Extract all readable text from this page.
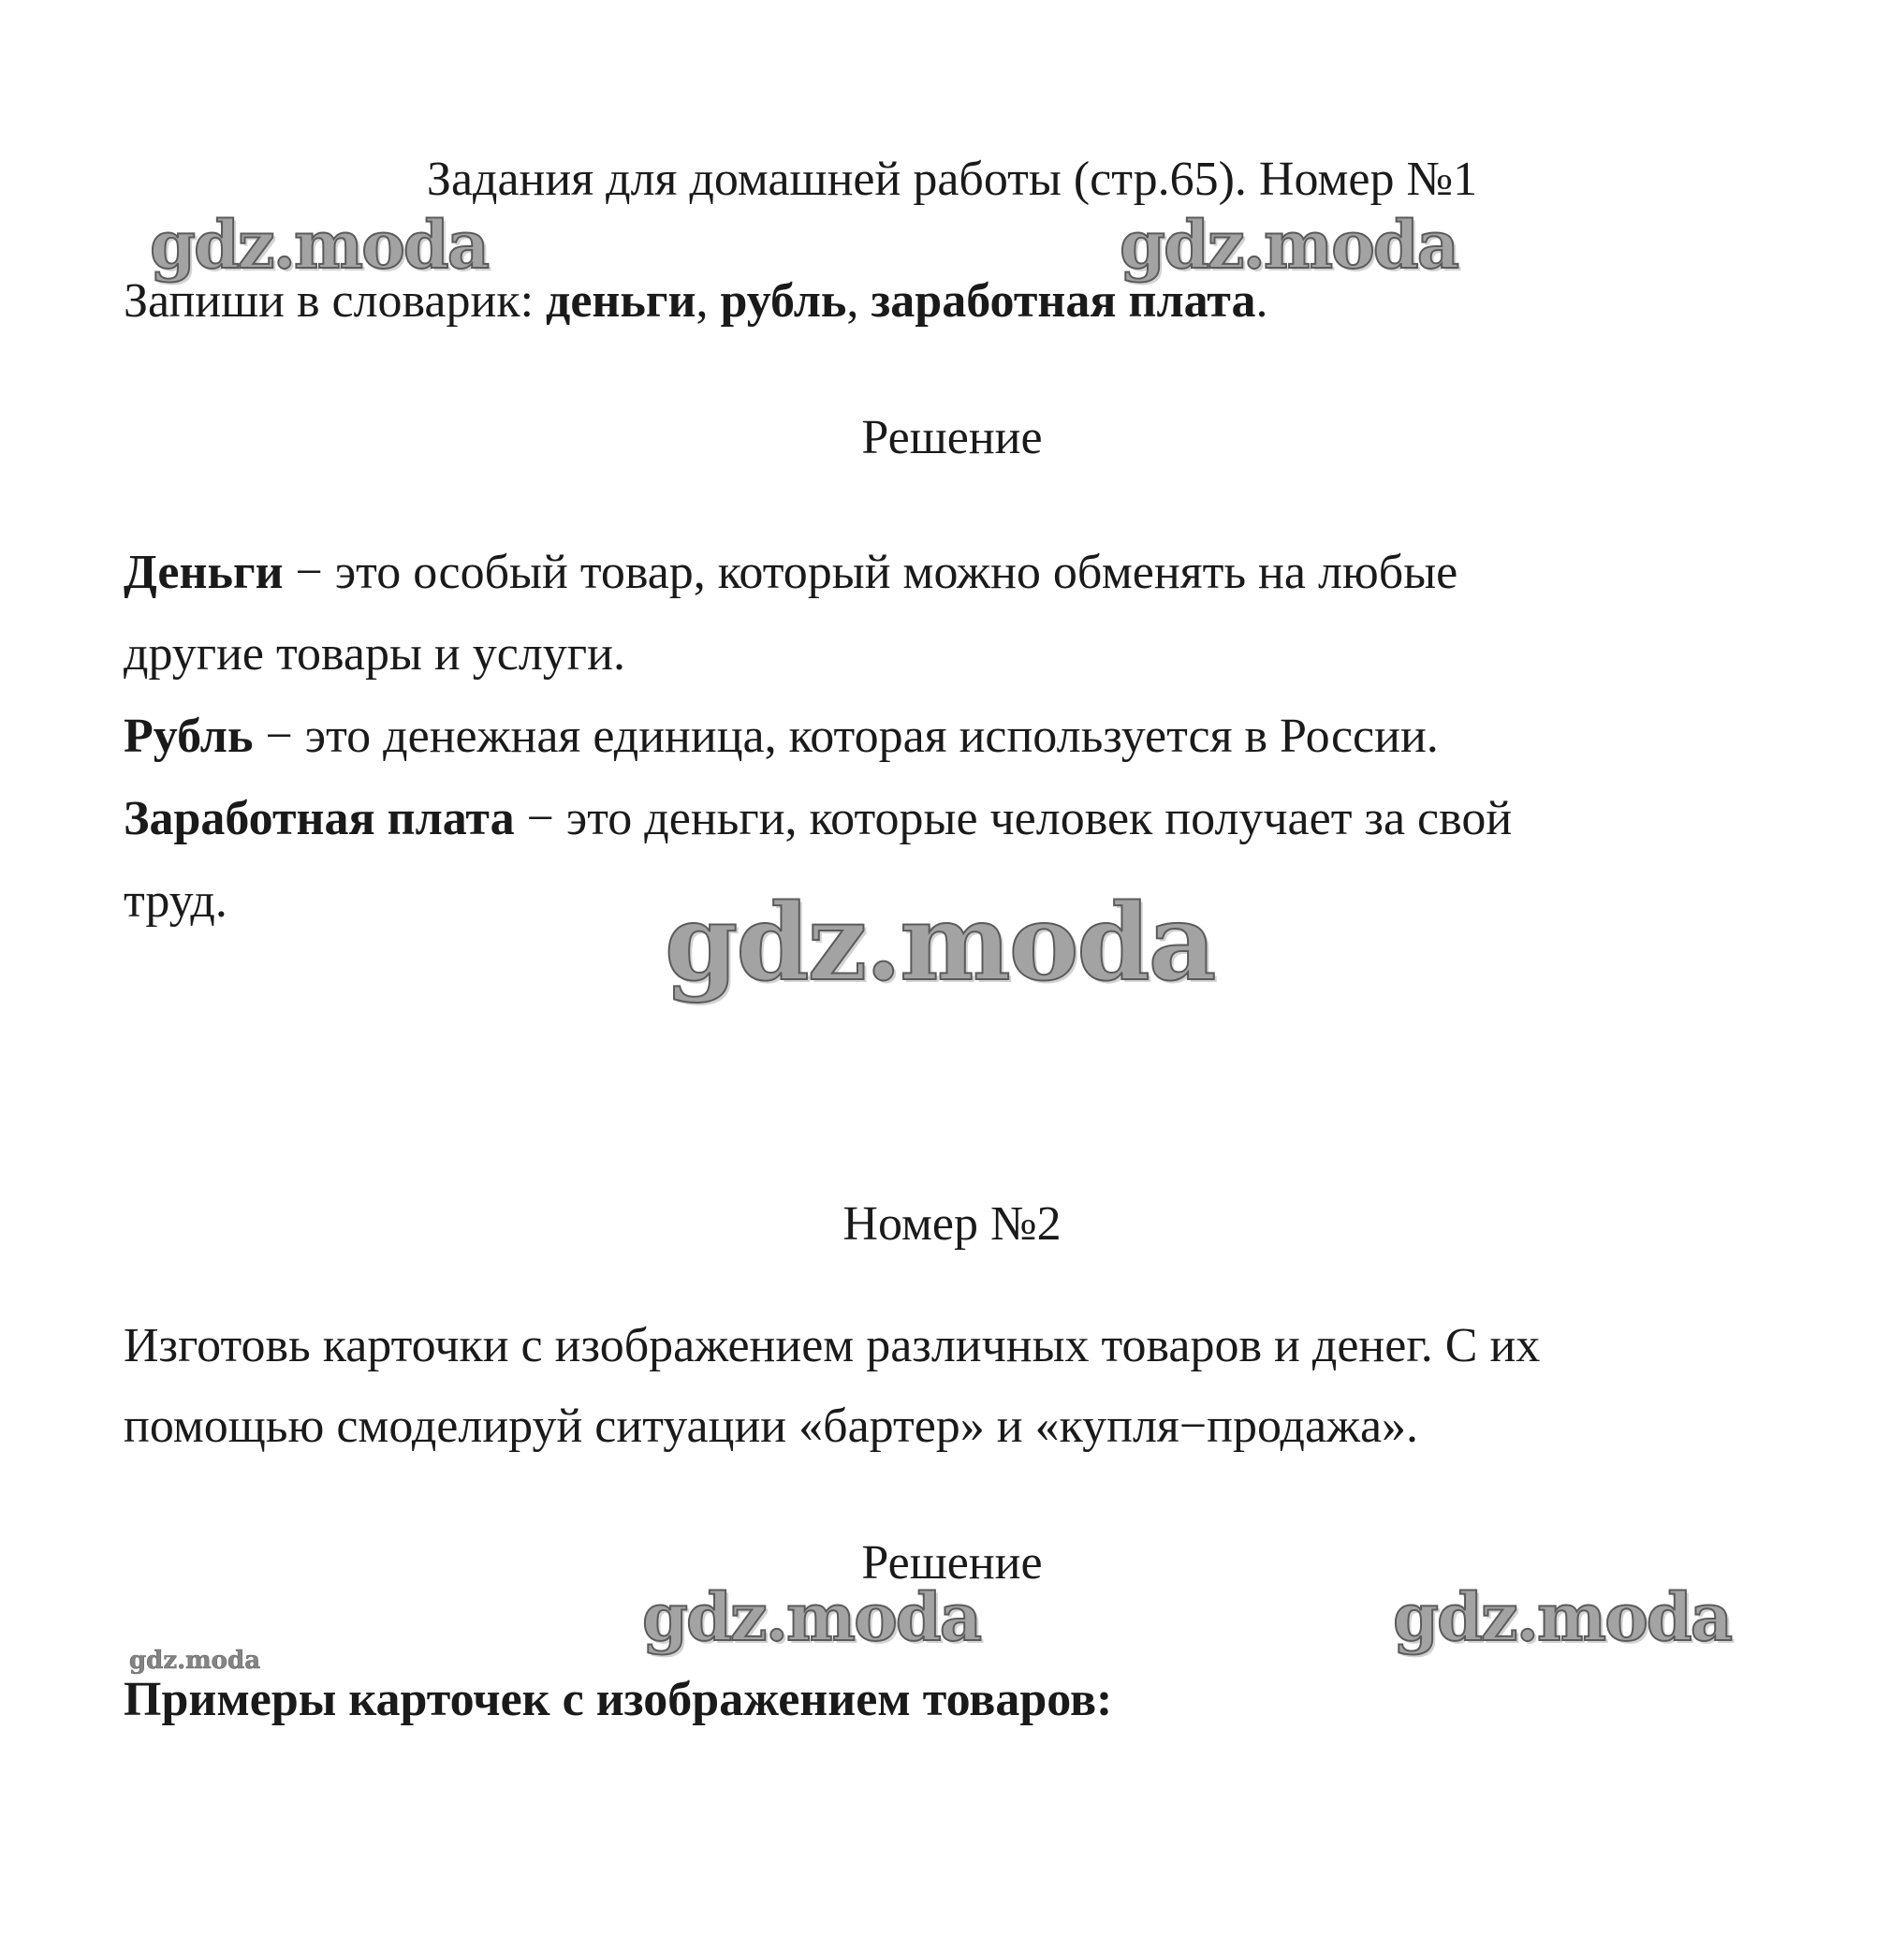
Задания для домашней работы (стр.65). Номер №1

Запиши в словарик: деньги, рубль, заработная плата.

Решение

Деньги − это особый товар, который можно обменять на любые

другие товары и услуги.

Рубль − это денежная единица, которая используется в России.

Заработная плата − это деньги, которые человек получает за свой

труд.

Номер №2

Изготовь карточки с изображением различных товаров и денег. С их

помощью смоделируй ситуации «бартер» и «купля−продажа».

Решение

Примеры карточек с изображением товаров:

gdz.moda	gdz.moda
gdz.moda
gdz.moda	gdz.moda
gdz.moda
